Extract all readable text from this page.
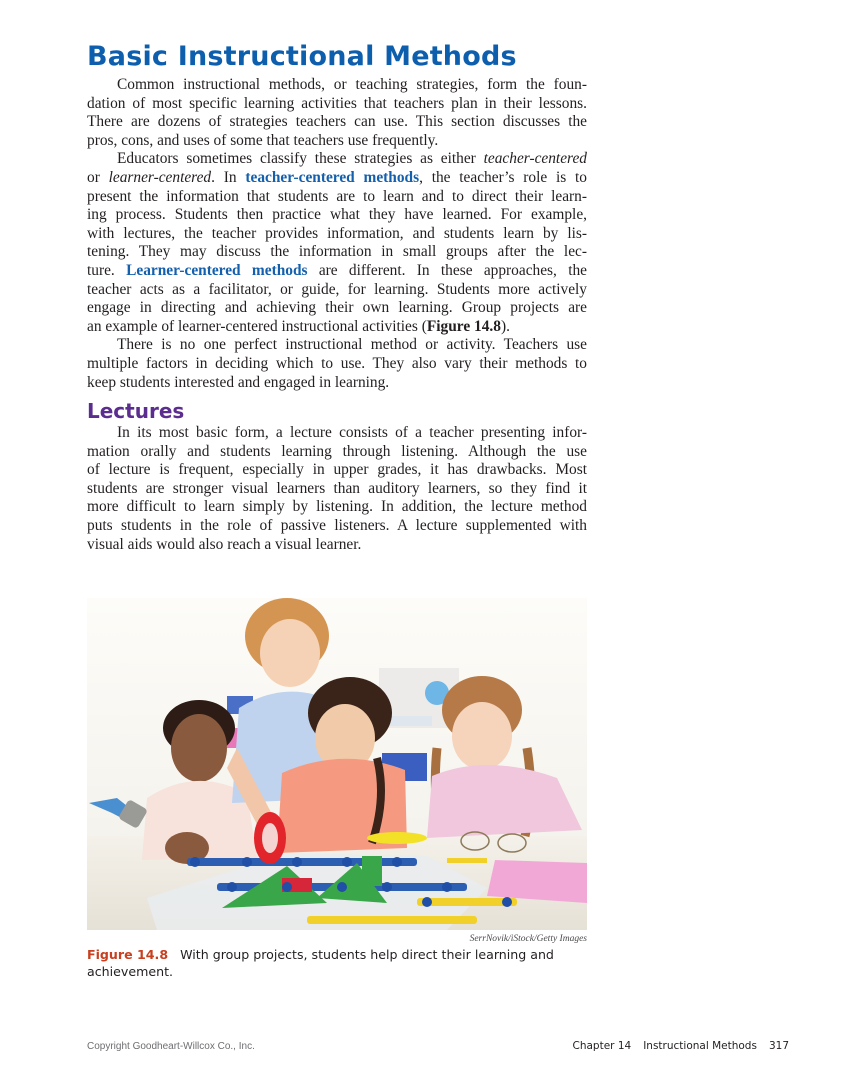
Basic Instructional Methods
Common instructional methods, or teaching strategies, form the foun-
dation of most specific learning activities that teachers plan in their lessons.
There are dozens of strategies teachers can use. This section discusses the
pros, cons, and uses of some that teachers use frequently.
Educators sometimes classify these strategies as either teacher-centered
or learner-centered. In teacher-centered methods, the teacher’s role is to
present the information that students are to learn and to direct their learn-
ing process. Students then practice what they have learned. For example,
with lectures, the teacher provides information, and students learn by lis-
tening. They may discuss the information in small groups after the lec-
ture. Learner-centered methods are different. In these approaches, the
teacher acts as a facilitator, or guide, for learning. Students more actively
engage in directing and achieving their own learning. Group projects are
an example of learner-centered instructional activities (Figure 14.8).
There is no one perfect instructional method or activity. Teachers use
multiple factors in deciding which to use. They also vary their methods to
keep students interested and engaged in learning.
Lectures
In its most basic form, a lecture consists of a teacher presenting infor-
mation orally and students learning through listening. Although the use
of lecture is frequent, especially in upper grades, it has drawbacks. Most
students are stronger visual learners than auditory learners, so they find it
more difficult to learn simply by listening. In addition, the lecture method
puts students in the role of passive listeners. A lecture supplemented with
visual aids would also reach a visual learner.
SerrNovik/iStock/Getty Images
Figure 14.8 With group projects, students help direct their learning and achievement.
Copyright Goodheart-Willcox Co., Inc.	Chapter 14 Instructional Methods 317
